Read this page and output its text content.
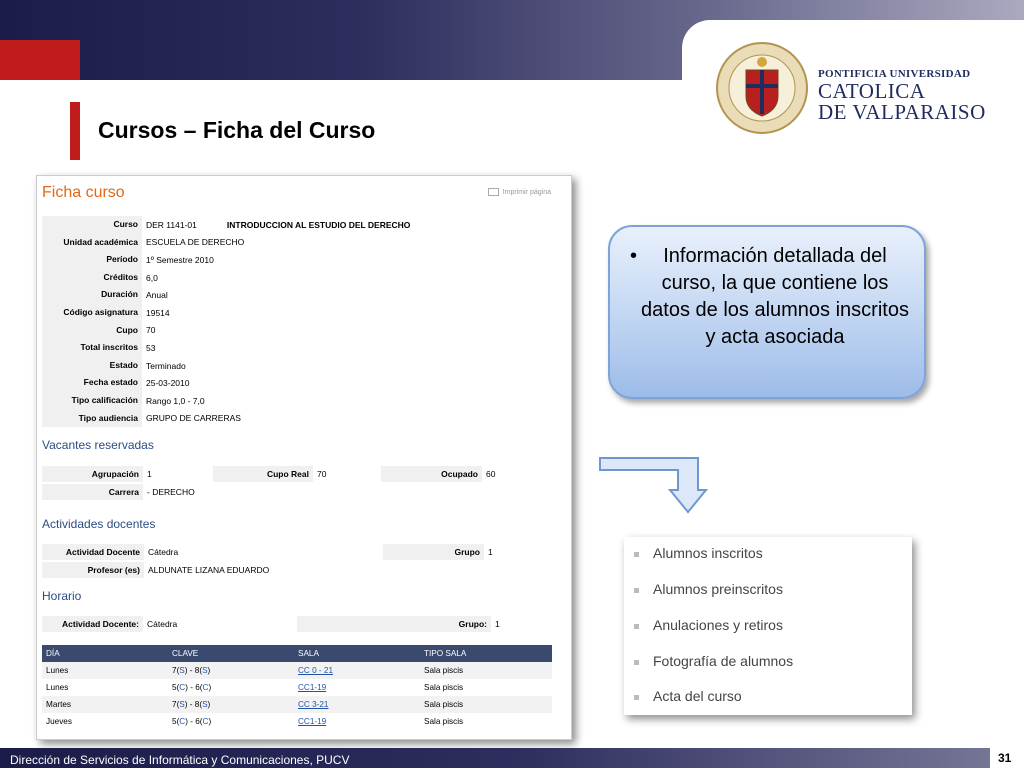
PONTIFICIA UNIVERSIDAD
CATOLICA
DE VALPARAISO
Cursos – Ficha del Curso
Ficha curso	Imprimir página
Curso DER 1141-01	INTRODUCCION AL ESTUDIO DEL DERECHO
Unidad académica ESCUELA DE DERECHO
Período 1º Semestre 2010
Créditos 6,0
Duración Anual
Código asignatura 19514
Cupo 70
Total inscritos 53
Estado Terminado
Fecha estado 25-03-2010
Tipo calificación Rango 1,0 - 7,0
Tipo audiencia GRUPO DE CARRERAS
Vacantes reservadas
Agrupación 1	Cupo Real 70	Ocupado 60
Carrera - DERECHO
Actividades docentes
Actividad Docente Cátedra	Grupo 1
Profesor (es) ALDUNATE LIZANA EDUARDO
Horario
Actividad Docente: Cátedra	Grupo: 1
DÍA	CLAVE	SALA	TIPO SALA
Lunes	7(S) - 8(S)	CC 0 - 21	Sala piscis
Lunes	5(C) - 6(C)	CC1-19	Sala piscis
Martes	7(S) - 8(S)	CC 3-21	Sala piscis
Jueves	5(C) - 6(C)	CC1-19	Sala piscis
• Información detallada del curso, la que contiene los datos de los alumnos inscritos y acta asociada
Alumnos inscritos
Alumnos preinscritos
Anulaciones y retiros
Fotografía de alumnos
Acta del curso
Dirección de Servicios de Informática y Comunicaciones, PUCV	31
